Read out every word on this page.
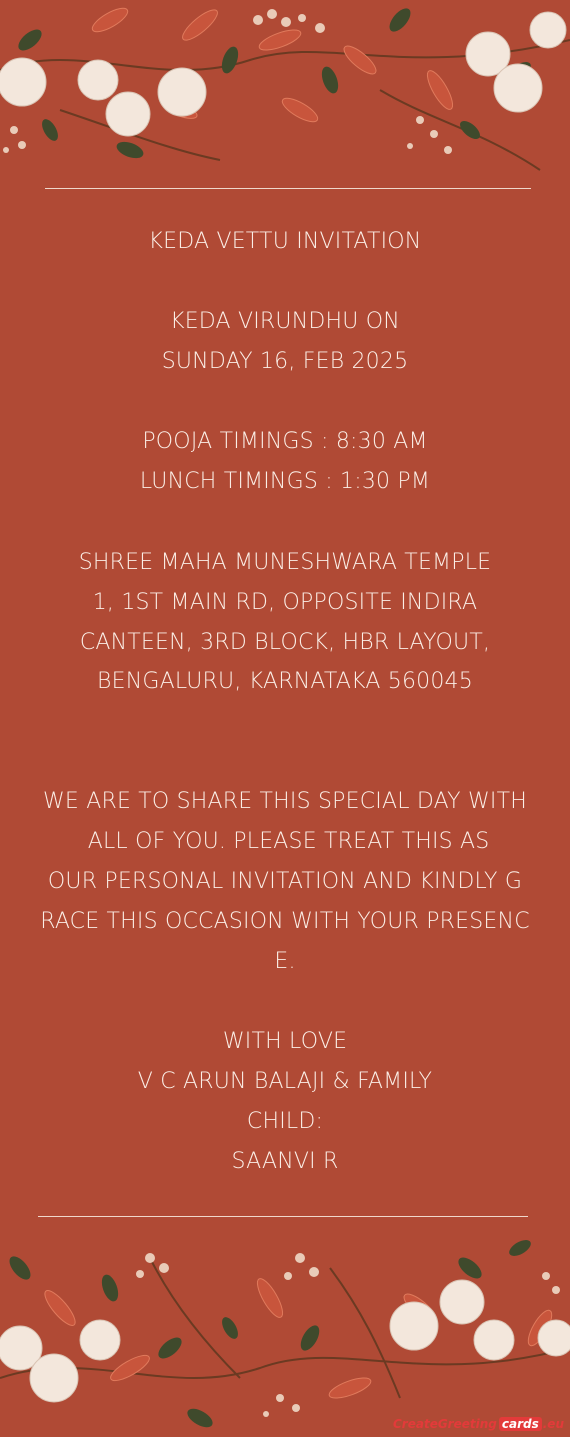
KEDA VETTU INVITATION

KEDA VIRUNDHU ON

SUNDAY 16, FEB 2025

POOJA TIMINGS : 8:30 AM

LUNCH TIMINGS : 1:30 PM

SHREE MAHA MUNESHWARA TEMPLE

1, 1ST MAIN RD, OPPOSITE INDIRA

CANTEEN, 3RD BLOCK, HBR LAYOUT,

BENGALURU, KARNATAKA 560045

WE ARE TO SHARE THIS SPECIAL DAY WITH

ALL OF YOU. PLEASE TREAT THIS AS

OUR PERSONAL INVITATION AND KINDLY G

RACE THIS OCCASION WITH YOUR PRESENC

E.

WITH LOVE

V C ARUN BALAJI & FAMILY

CHILD:

SAANVI R

CreateGreeting cards .eu
